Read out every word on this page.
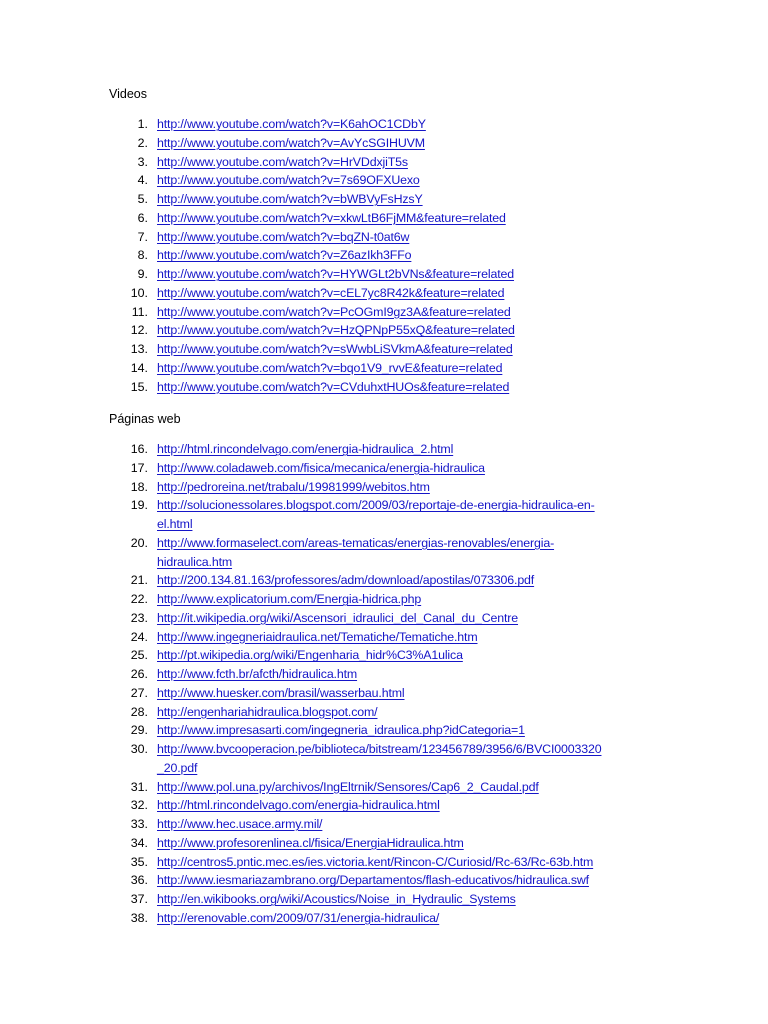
Videos
1. http://www.youtube.com/watch?v=K6ahOC1CDbY
2. http://www.youtube.com/watch?v=AvYcSGIHUVM
3. http://www.youtube.com/watch?v=HrVDdxjiT5s
4. http://www.youtube.com/watch?v=7s69OFXUexo
5. http://www.youtube.com/watch?v=bWBVyFsHzsY
6. http://www.youtube.com/watch?v=xkwLtB6FjMM&feature=related
7. http://www.youtube.com/watch?v=bqZN-t0at6w
8. http://www.youtube.com/watch?v=Z6azIkh3FFo
9. http://www.youtube.com/watch?v=HYWGLt2bVNs&feature=related
10. http://www.youtube.com/watch?v=cEL7yc8R42k&feature=related
11. http://www.youtube.com/watch?v=PcOGmI9gz3A&feature=related
12. http://www.youtube.com/watch?v=HzQPNpP55xQ&feature=related
13. http://www.youtube.com/watch?v=sWwbLiSVkmA&feature=related
14. http://www.youtube.com/watch?v=bqo1V9_rvvE&feature=related
15. http://www.youtube.com/watch?v=CVduhxtHUOs&feature=related
Páginas web
16. http://html.rincondelvago.com/energia-hidraulica_2.html
17. http://www.coladaweb.com/fisica/mecanica/energia-hidraulica
18. http://pedroreina.net/trabalu/19981999/webitos.htm
19. http://solucionessolares.blogspot.com/2009/03/reportaje-de-energia-hidraulica-en-
el.html
20. http://www.formaselect.com/areas-tematicas/energias-renovables/energia-
hidraulica.htm
21. http://200.134.81.163/professores/adm/download/apostilas/073306.pdf
22. http://www.explicatorium.com/Energia-hidrica.php
23. http://it.wikipedia.org/wiki/Ascensori_idraulici_del_Canal_du_Centre
24. http://www.ingegneriaidraulica.net/Tematiche/Tematiche.htm
25. http://pt.wikipedia.org/wiki/Engenharia_hidr%C3%A1ulica
26. http://www.fcth.br/afcth/hidraulica.htm
27. http://www.huesker.com/brasil/wasserbau.html
28. http://engenhariahidraulica.blogspot.com/
29. http://www.impresasarti.com/ingegneria_idraulica.php?idCategoria=1
30. http://www.bvcooperacion.pe/biblioteca/bitstream/123456789/3956/6/BVCI0003320
_20.pdf
31. http://www.pol.una.py/archivos/IngEltrnik/Sensores/Cap6_2_Caudal.pdf
32. http://html.rincondelvago.com/energia-hidraulica.html
33. http://www.hec.usace.army.mil/
34. http://www.profesorenlinea.cl/fisica/EnergiaHidraulica.htm
35. http://centros5.pntic.mec.es/ies.victoria.kent/Rincon-C/Curiosid/Rc-63/Rc-63b.htm
36. http://www.iesmariazambrano.org/Departamentos/flash-educativos/hidraulica.swf
37. http://en.wikibooks.org/wiki/Acoustics/Noise_in_Hydraulic_Systems
38. http://erenovable.com/2009/07/31/energia-hidraulica/
